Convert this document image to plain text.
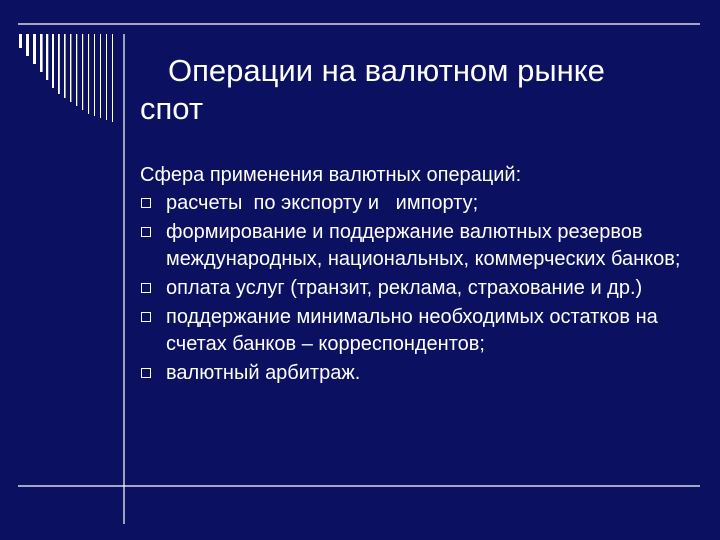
Операции на валютном рынке
спот
Сфера применения валютных операций:
расчеты  по экспорту и   импорту;
формирование и поддержание валютных резервов международных, национальных, коммерческих банков;
оплата услуг (транзит, реклама, страхование и др.)
поддержание минимально необходимых остатков на счетах банков – корреспондентов;
валютный арбитраж.
